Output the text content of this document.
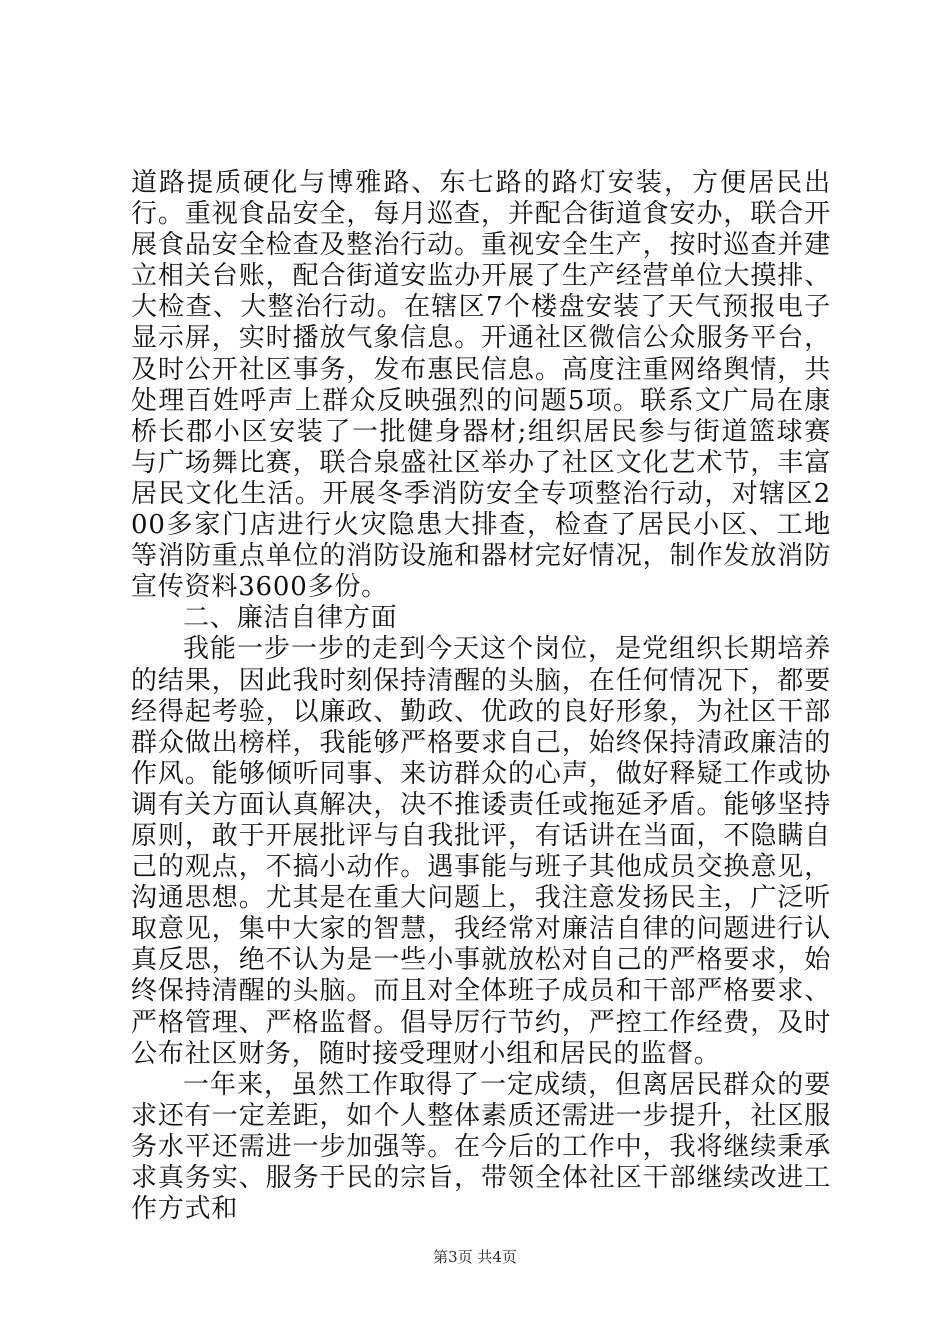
道路提质硬化与博雅路、东七路的路灯安装，方便居民出行。重视食品安全，每月巡查，并配合街道食安办，联合开展食品安全检查及整治行动。重视安全生产，按时巡查并建立相关台账，配合街道安监办开展了生产经营单位大摸排、大检查、大整治行动。在辖区7个楼盘安装了天气预报电子显示屏，实时播放气象信息。开通社区微信公众服务平台，及时公开社区事务，发布惠民信息。高度注重网络舆情，共处理百姓呼声上群众反映强烈的问题5项。联系文广局在康桥长郡小区安装了一批健身器材;组织居民参与街道篮球赛与广场舞比赛，联合泉盛社区举办了社区文化艺术节，丰富居民文化生活。开展冬季消防安全专项整治行动，对辖区200多家门店进行火灾隐患大排查，检查了居民小区、工地等消防重点单位的消防设施和器材完好情况，制作发放消防宣传资料3600多份。

二、廉洁自律方面

我能一步一步的走到今天这个岗位，是党组织长期培养的结果，因此我时刻保持清醒的头脑，在任何情况下，都要经得起考验，以廉政、勤政、优政的良好形象，为社区干部群众做出榜样，我能够严格要求自己，始终保持清政廉洁的作风。能够倾听同事、来访群众的心声，做好释疑工作或协调有关方面认真解决，决不推诿责任或拖延矛盾。能够坚持原则，敢于开展批评与自我批评，有话讲在当面，不隐瞒自己的观点，不搞小动作。遇事能与班子其他成员交换意见，沟通思想。尤其是在重大问题上，我注意发扬民主，广泛听取意见，集中大家的智慧，我经常对廉洁自律的问题进行认真反思，绝不认为是一些小事就放松对自己的严格要求，始终保持清醒的头脑。而且对全体班子成员和干部严格要求、严格管理、严格监督。倡导厉行节约，严控工作经费，及时公布社区财务，随时接受理财小组和居民的监督。

一年来，虽然工作取得了一定成绩，但离居民群众的要求还有一定差距，如个人整体素质还需进一步提升，社区服务水平还需进一步加强等。在今后的工作中，我将继续秉承求真务实、服务于民的宗旨，带领全体社区干部继续改进工作方式和

第3页 共4页
